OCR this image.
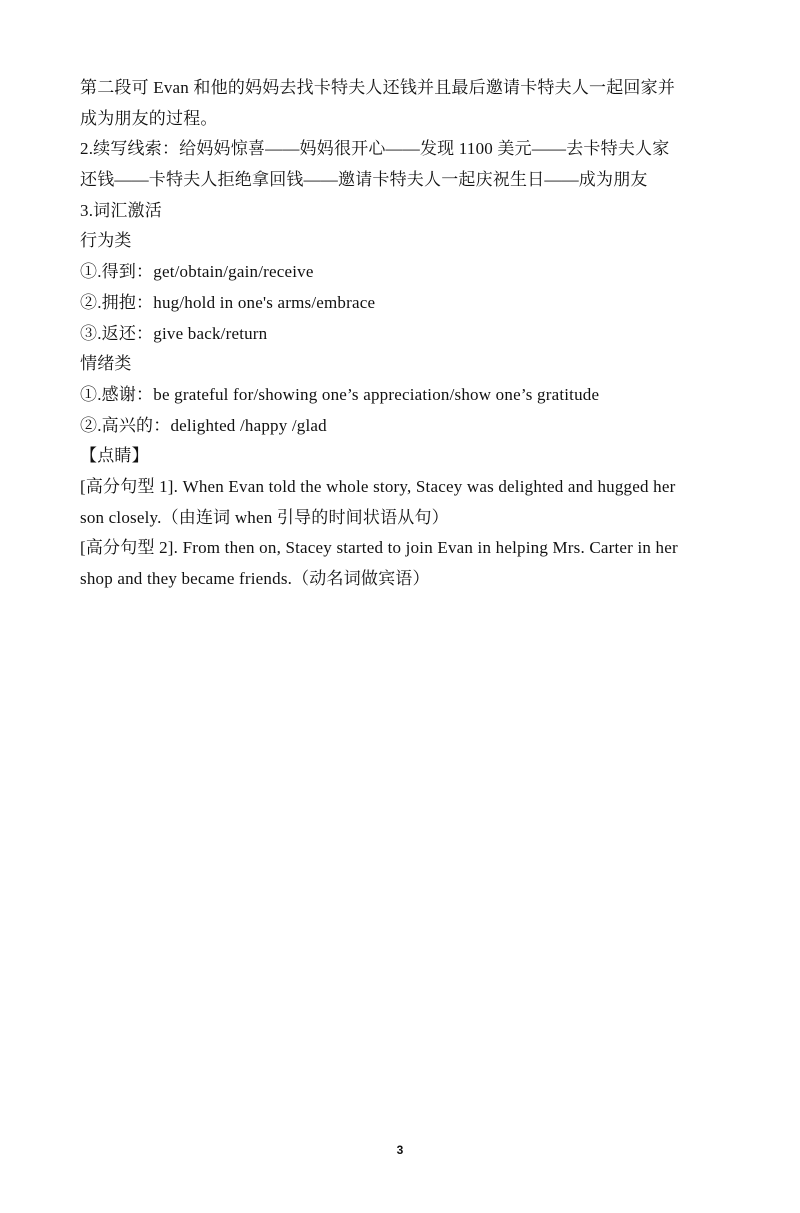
第二段可 Evan 和他的妈妈去找卡特夫人还钱并且最后邀请卡特夫人一起回家并
成为朋友的过程。
2.续写线索：给妈妈惊喜——妈妈很开心——发现 1100 美元——去卡特夫人家
还钱——卡特夫人拒绝拿回钱——邀请卡特夫人一起庆祝生日——成为朋友
3.词汇激活
行为类
①.得到：get/obtain/gain/receive
②.拥抱：hug/hold in one's arms/embrace
③.返还：give back/return
情绪类
①.感谢：be grateful for/showing one’s appreciation/show one’s gratitude
②.高兴的：delighted /happy /glad
【点睛】
[高分句型 1]. When Evan told the whole story, Stacey was delighted and hugged her
son closely.（由连词 when 引导的时间状语从句）
[高分句型 2]. From then on, Stacey started to join Evan in helping Mrs. Carter in her
shop and they became friends.（动名词做宾语）
3
